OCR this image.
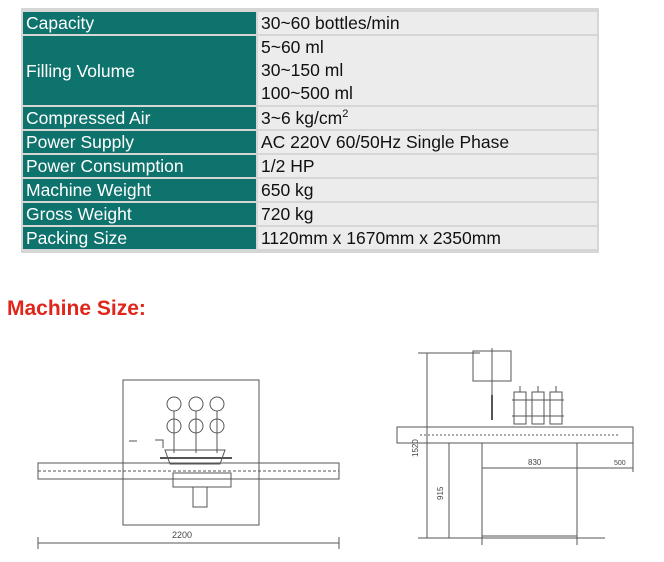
Capacity	30~60 bottles/min
Filling Volume	5~60 ml
30~150 ml
100~500 ml

Compressed Air	3~6 $kg/cm^2$
Power Supply	AC 220V 60/50Hz Single Phase
Power Consumption	1/2 HP
Machine Weight	650 kg
Gross Weight	720 kg
Packing Size	1120mm x 1670mm x 2350mm
Machine Size:
2200
1520
915
830	500
